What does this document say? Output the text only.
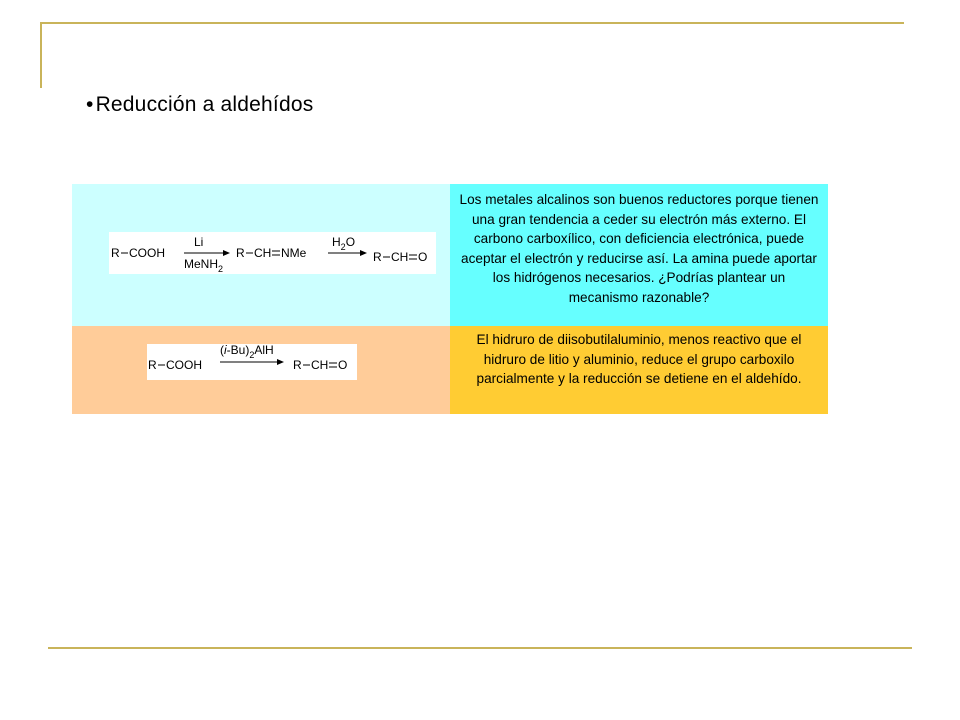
•Reducción a aldehídos
R COOH
Li
MeNH$_2$
R CH NMe
$H_2O$
R CH O
Los metales alcalinos son buenos reductores porque tienen una gran tendencia a ceder su electrón más externo. El carbono carboxílico, con deficiencia electrónica, puede aceptar el electrón y reducirse así. La amina puede aportar los hidrógenos necesarios. ¿Podrías plantear un mecanismo razonable?
R COOH
$(i-Bu)_2AlH$
R CH O
El hidruro de diisobutilaluminio, menos reactivo que el hidruro de litio y aluminio, reduce el grupo carboxilo parcialmente y la reducción se detiene en el aldehído.
